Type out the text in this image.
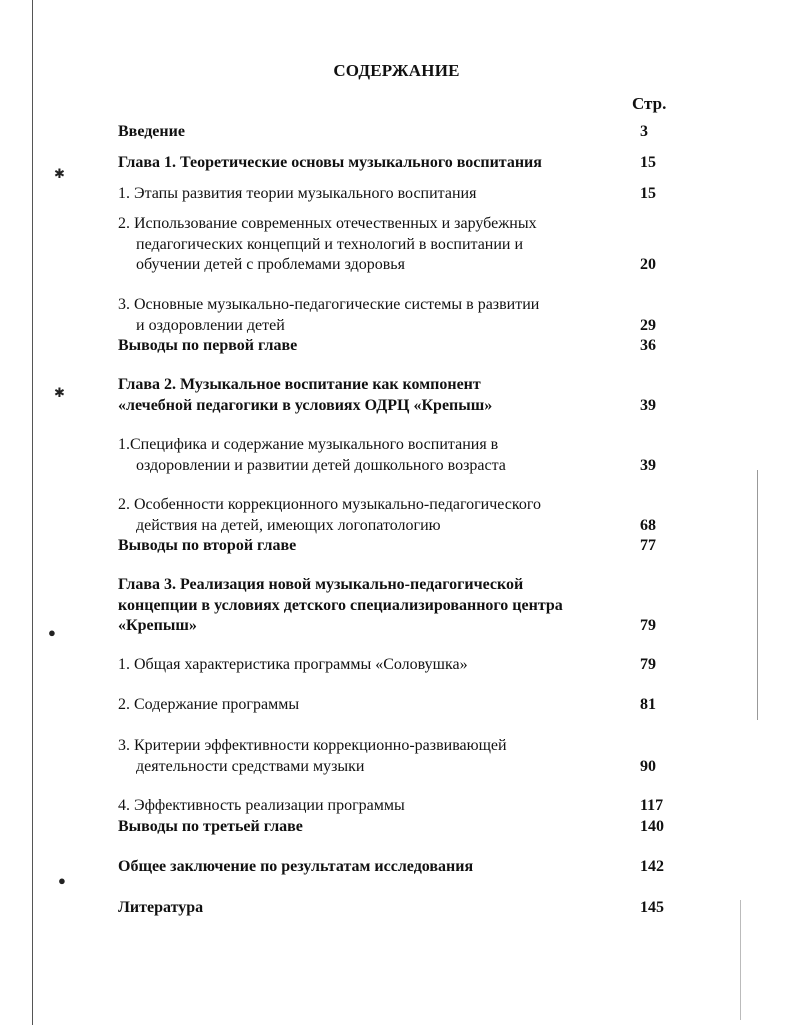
✱
✱
●
●
СОДЕРЖАНИЕ
Стр.
Введение	3
Глава 1. Теоретические основы музыкального воспитания	15
1. Этапы развития теории музыкального воспитания	15
2. Использование современных отечественных и зарубежных
педагогических концепций и технологий в воспитании и
обучении детей с проблемами здоровья	20
3. Основные музыкально-педагогические системы в развитии
и оздоровлении детей	29
Выводы по первой главе	36
Глава 2. Музыкальное воспитание как компонент
«лечебной педагогики в условиях ОДРЦ «Крепыш»	39
1.Специфика и содержание музыкального воспитания в
оздоровлении и развитии детей дошкольного возраста	39
2. Особенности коррекционного музыкально-педагогического
действия на детей, имеющих логопатологию	68
Выводы по второй главе	77
Глава 3. Реализация новой музыкально-педагогической
концепции в условиях детского специализированного центра
«Крепыш»	79
1. Общая характеристика программы «Соловушка»	79
2. Содержание программы	81
3. Критерии эффективности коррекционно-развивающей
деятельности средствами музыки	90
4. Эффективность реализации программы	117
Выводы по третьей главе	140
Общее заключение по результатам исследования	142
Литература	145
